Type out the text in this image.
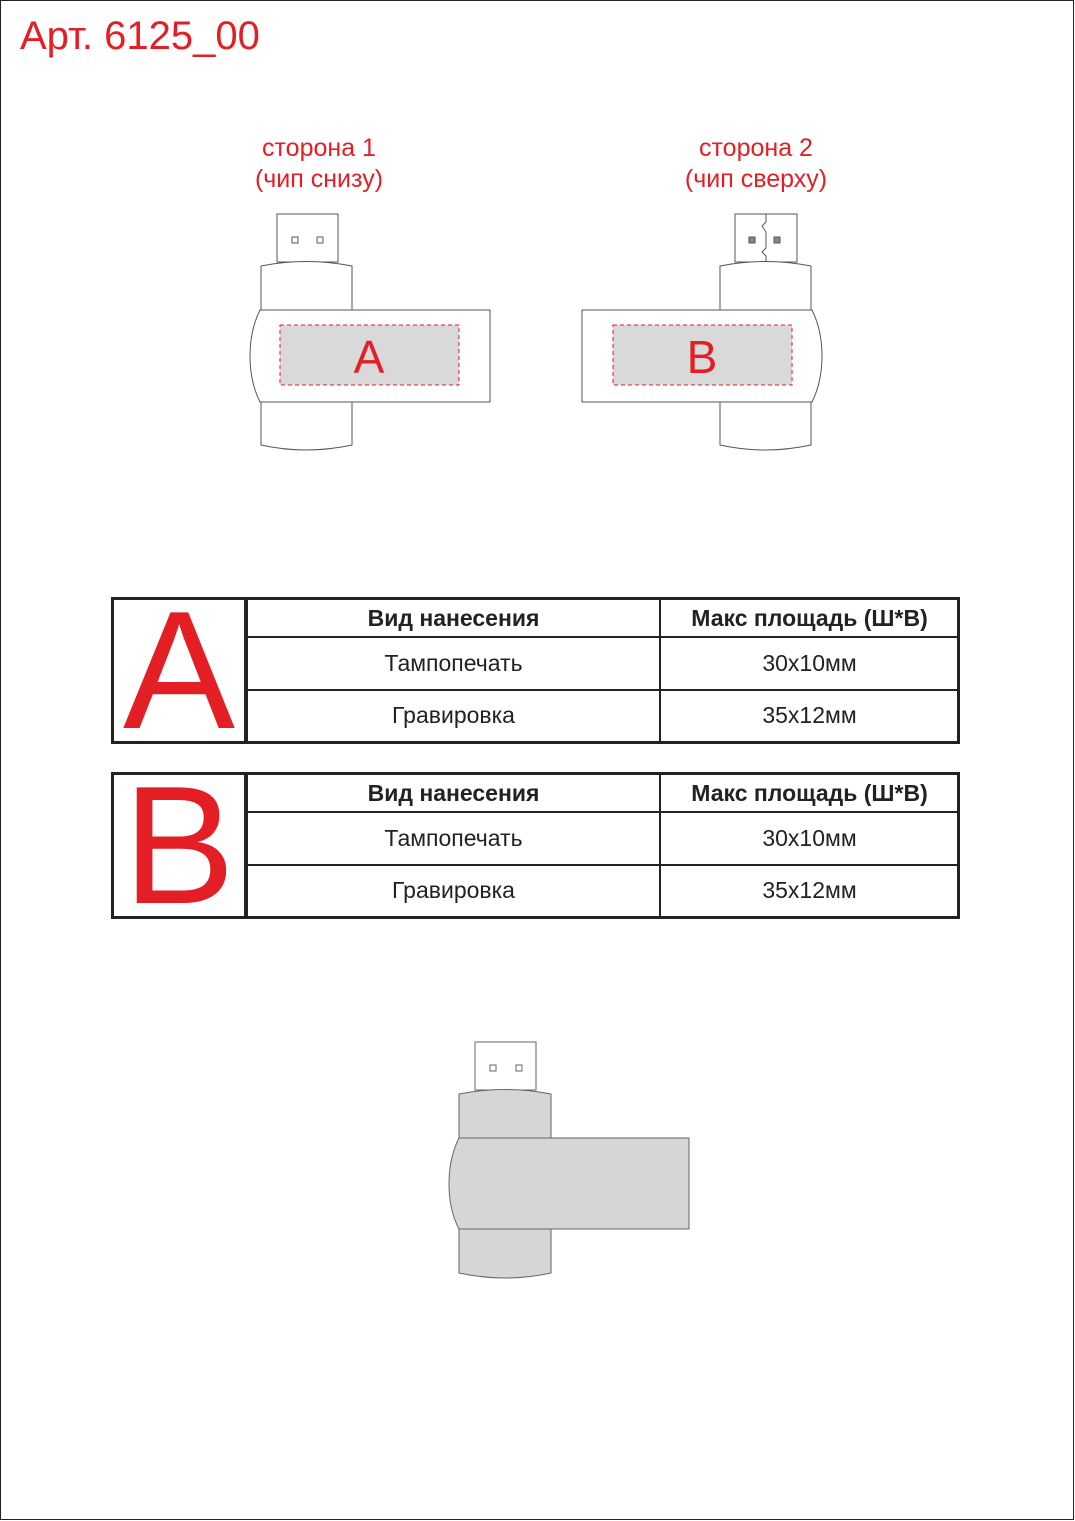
Арт. 6125_00
сторона 1
(чип снизу)
сторона 2
(чип сверху)
A	B
A	Вид нанесения	Макс площадь (Ш*В)
Тампопечать	30x10мм
Гравировка	35x12мм
B	Вид нанесения	Макс площадь (Ш*В)
Тампопечать	30x10мм
Гравировка	35x12мм
